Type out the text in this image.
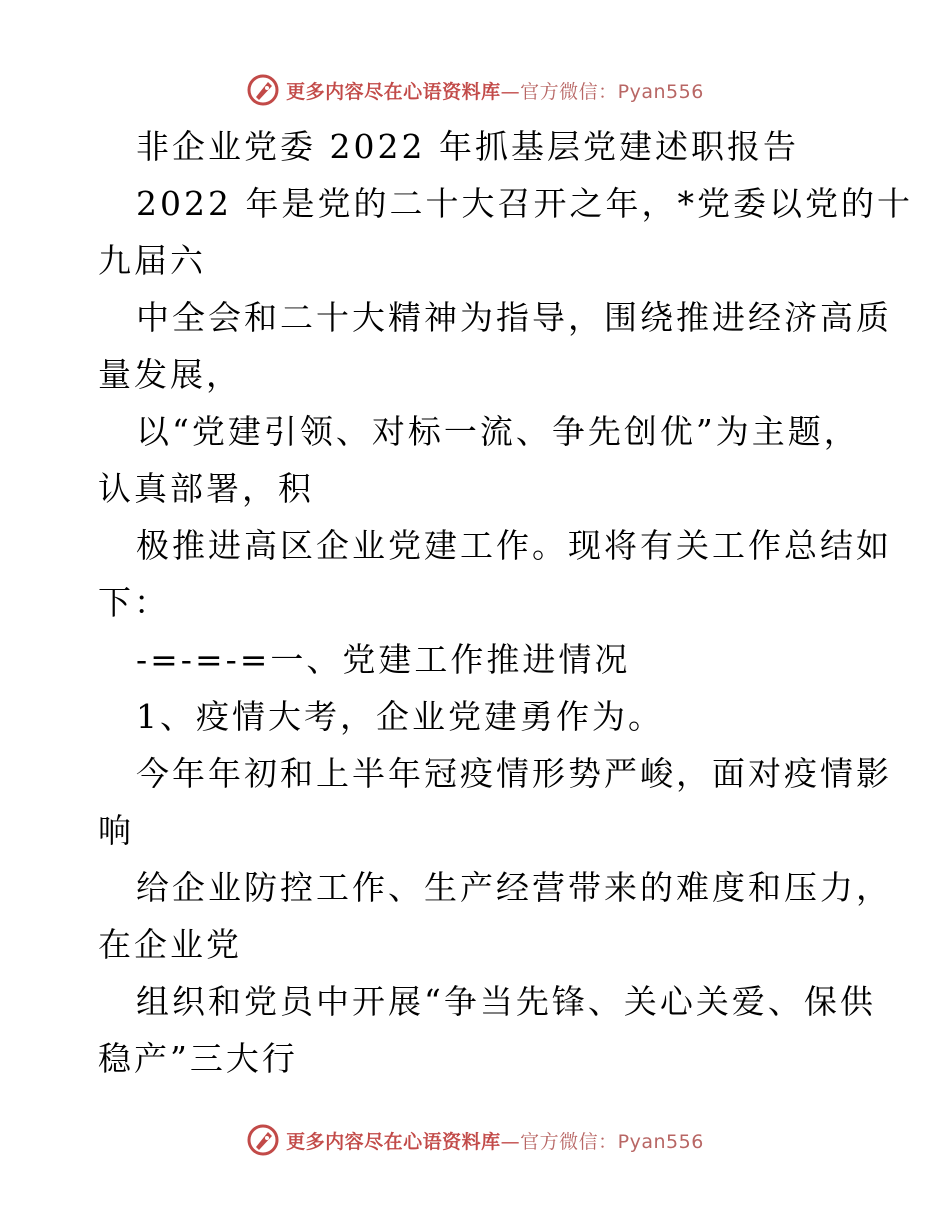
更多内容尽在心语资料库—官方微信：Pyan556
非企业党委 2022 年抓基层党建述职报告
2022 年是党的二十大召开之年，*党委以党的十
九届六
中全会和二十大精神为指导，围绕推进经济高质
量发展，
以“党建引领、对标一流、争先创优”为主题，
认真部署，积
极推进高区企业党建工作。现将有关工作总结如
下：
-=-=-=一、党建工作推进情况
1、疫情大考，企业党建勇作为。
今年年初和上半年冠疫情形势严峻，面对疫情影
响
给企业防控工作、生产经营带来的难度和压力，
在企业党
组织和党员中开展“争当先锋、关心关爱、保供
稳产”三大行
更多内容尽在心语资料库—官方微信：Pyan556
